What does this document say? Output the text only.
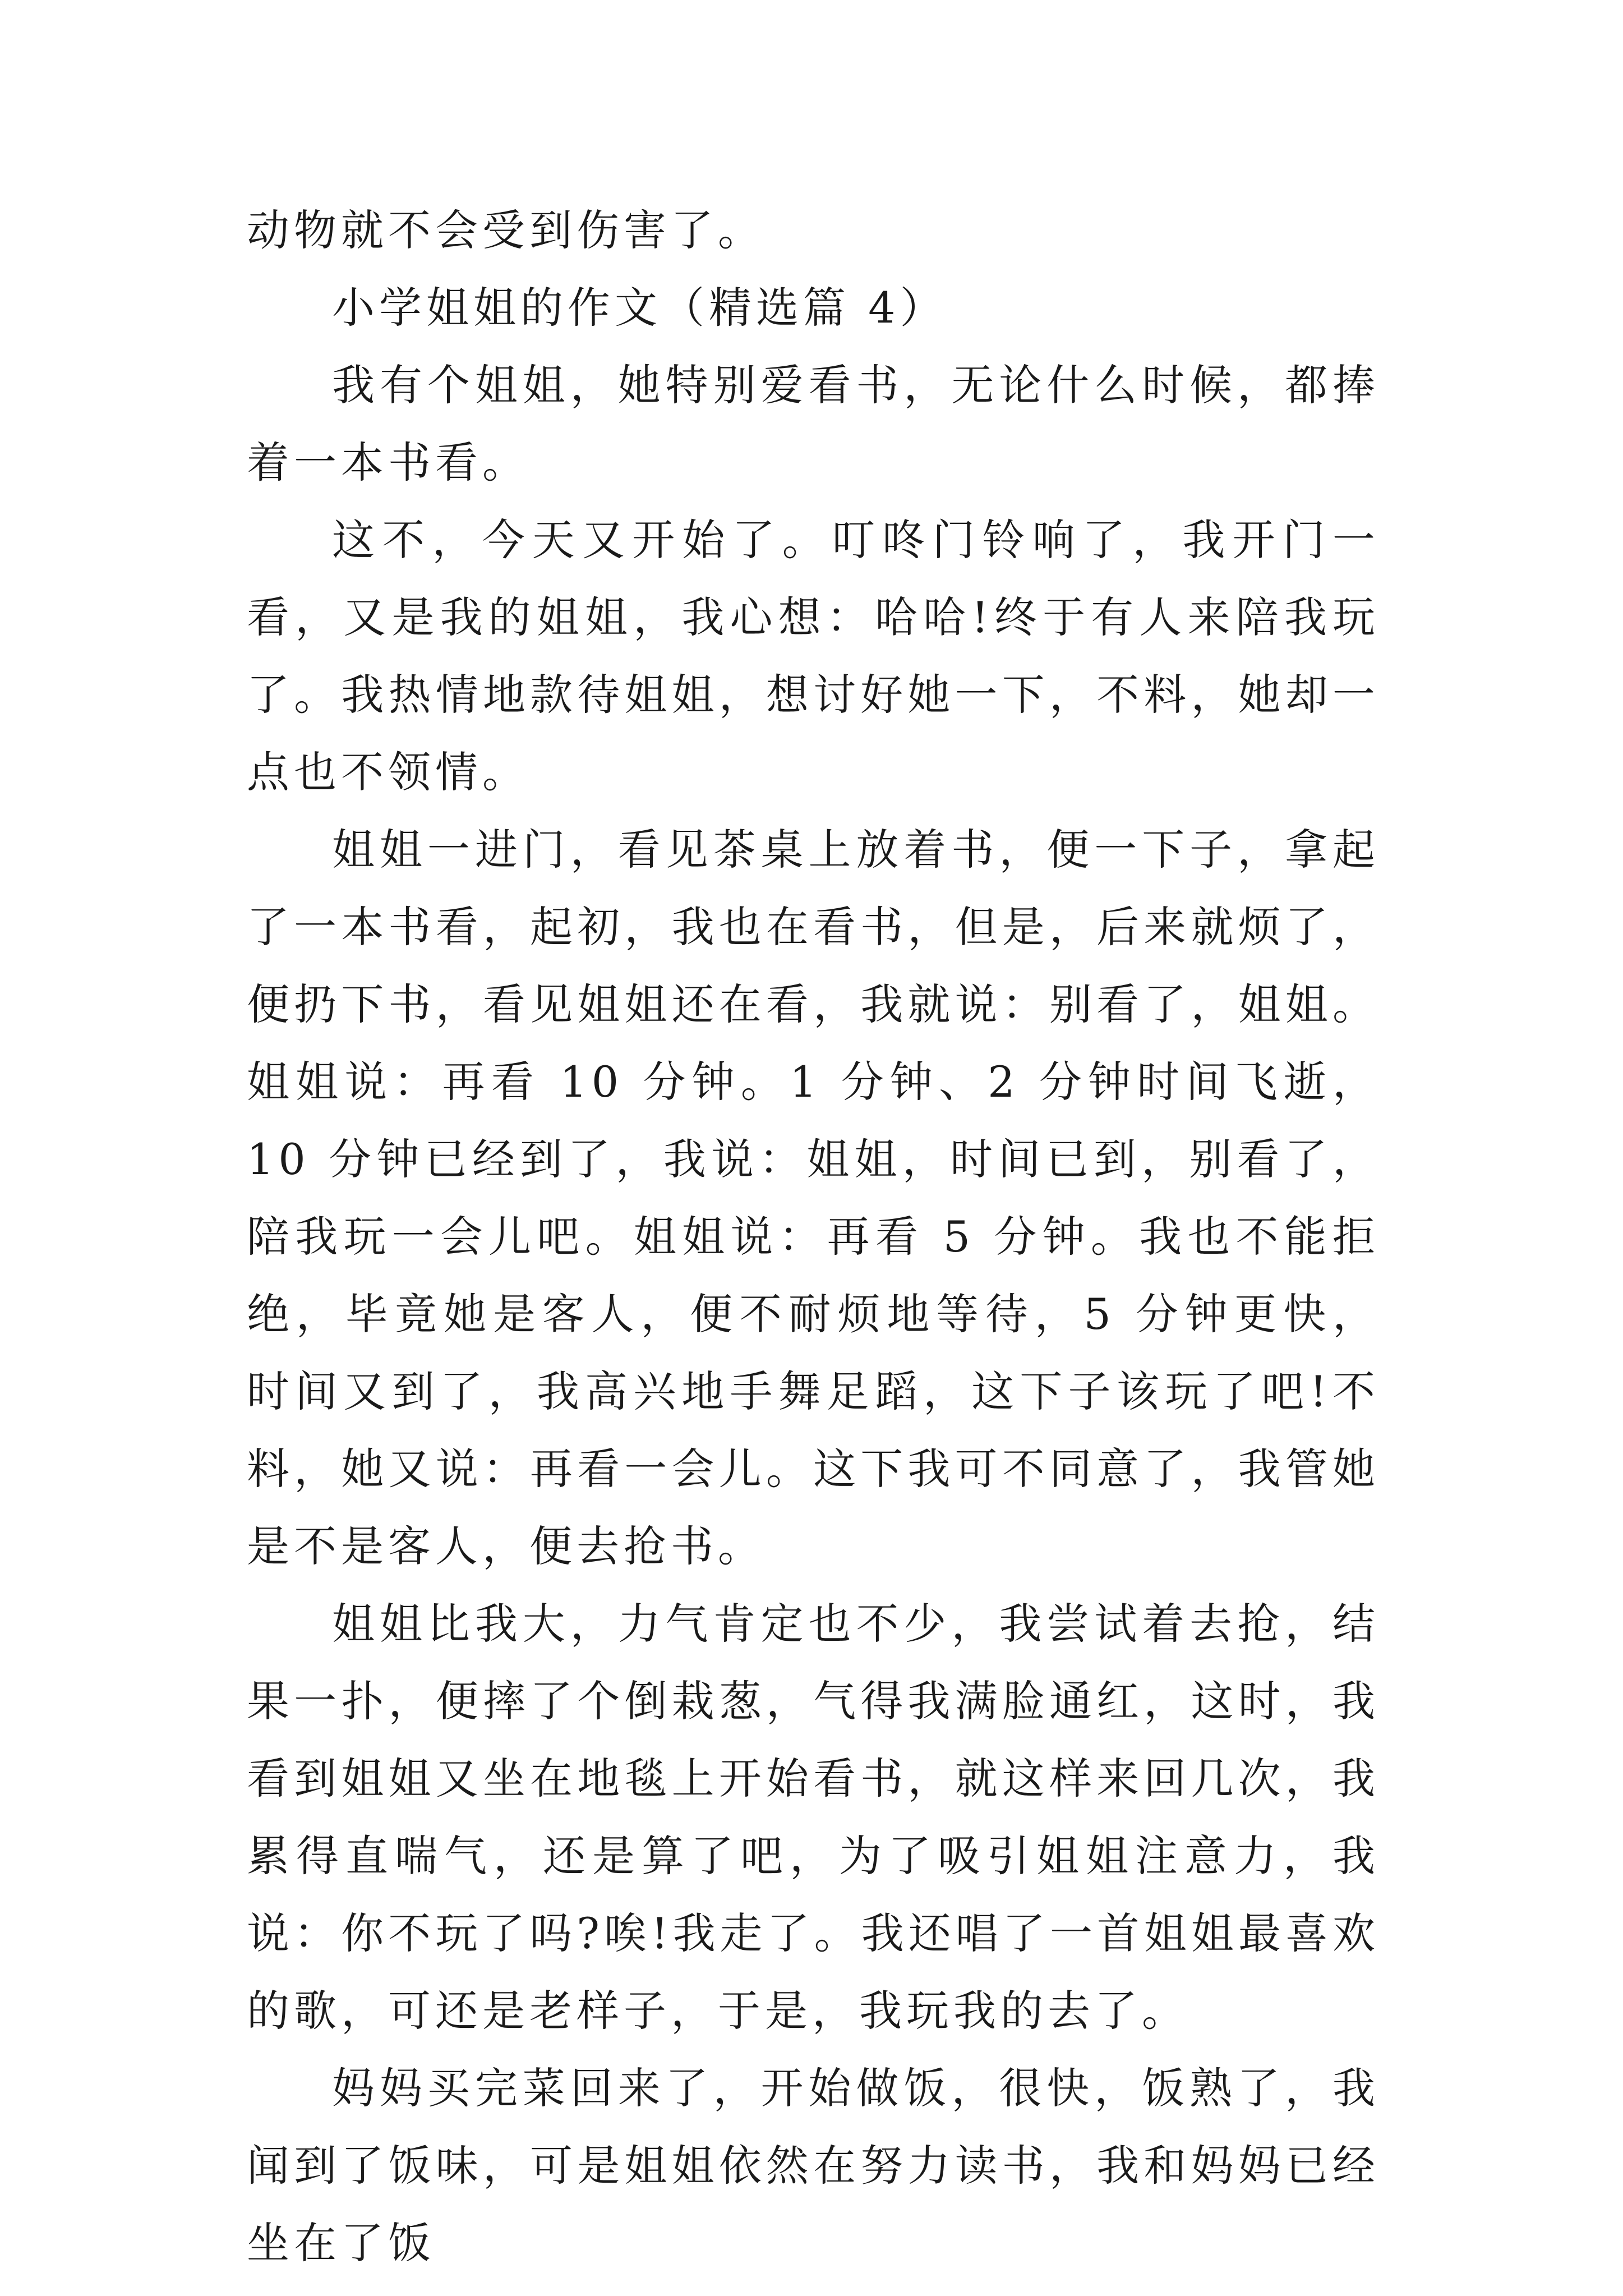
动物就不会受到伤害了。

小学姐姐的作文（精选篇 4）

我有个姐姐，她特别爱看书，无论什么时候，都捧着一本书看。

这不，今天又开始了。叮咚门铃响了，我开门一看，又是我的姐姐，我心想：哈哈!终于有人来陪我玩了。我热情地款待姐姐，想讨好她一下，不料，她却一点也不领情。

姐姐一进门，看见茶桌上放着书，便一下子，拿起了一本书看，起初，我也在看书，但是，后来就烦了，便扔下书，看见姐姐还在看，我就说：别看了，姐姐。姐姐说：再看 10 分钟。1 分钟、2 分钟时间飞逝，10 分钟已经到了，我说：姐姐，时间已到，别看了，陪我玩一会儿吧。姐姐说：再看 5 分钟。我也不能拒绝，毕竟她是客人，便不耐烦地等待，5 分钟更快，时间又到了，我高兴地手舞足蹈，这下子该玩了吧!不料，她又说：再看一会儿。这下我可不同意了，我管她是不是客人，便去抢书。

姐姐比我大，力气肯定也不少，我尝试着去抢，结果一扑，便摔了个倒栽葱，气得我满脸通红，这时，我看到姐姐又坐在地毯上开始看书，就这样来回几次，我累得直喘气，还是算了吧，为了吸引姐姐注意力，我说：你不玩了吗?唉!我走了。我还唱了一首姐姐最喜欢的歌，可还是老样子，于是，我玩我的去了。

妈妈买完菜回来了，开始做饭，很快，饭熟了，我闻到了饭味，可是姐姐依然在努力读书，我和妈妈已经坐在了饭
